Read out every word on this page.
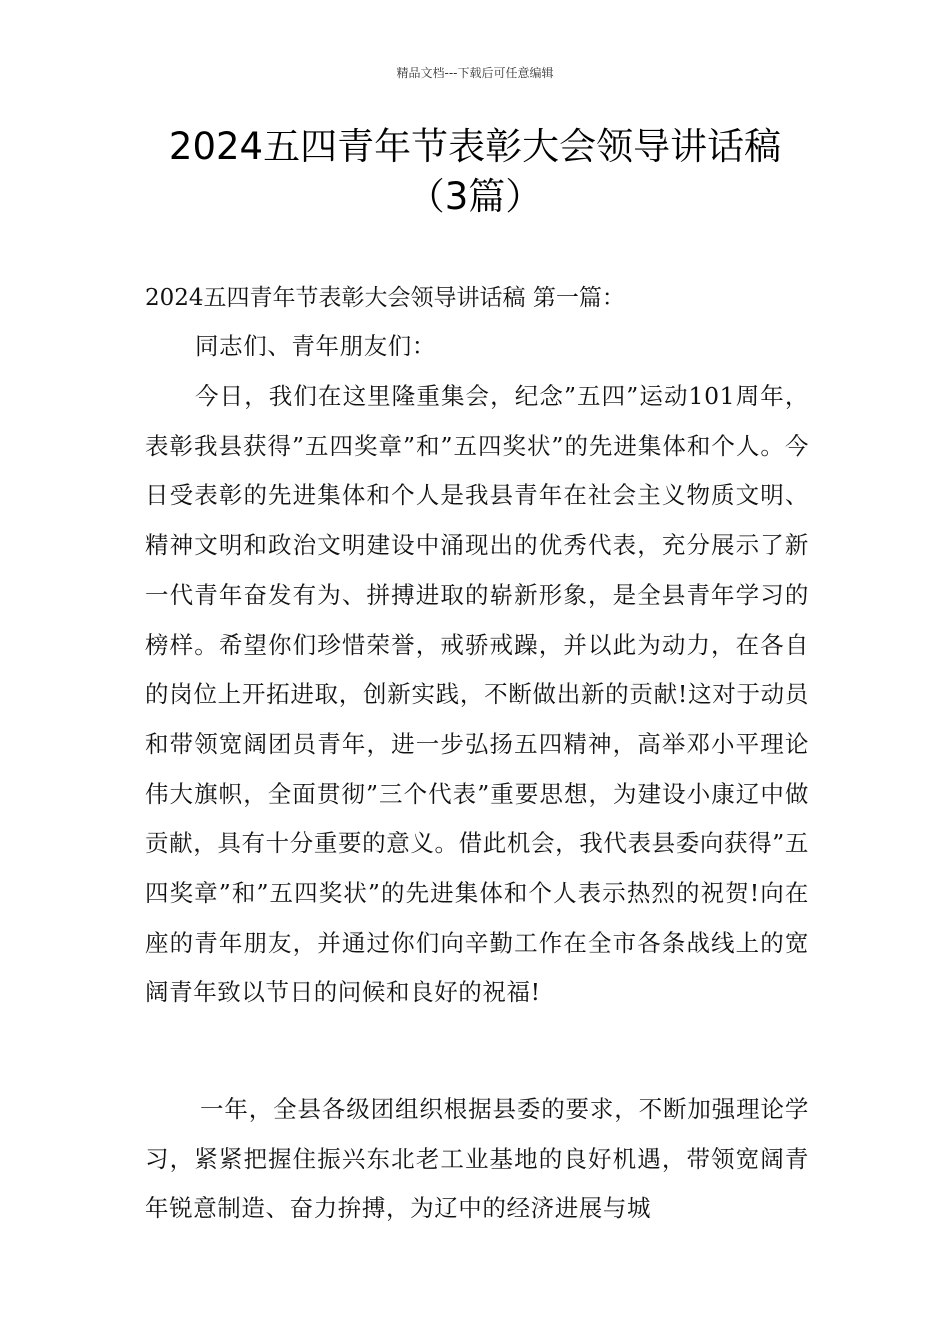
精品文档---下载后可任意编辑
2024五四青年节表彰大会领导讲话稿
（3篇）
2024五四青年节表彰大会领导讲话稿 第一篇：
同志们、青年朋友们：
今日，我们在这里隆重集会，纪念”五四”运动101周年，表彰我县获得”五四奖章”和”五四奖状”的先进集体和个人。今日受表彰的先进集体和个人是我县青年在社会主义物质文明、精神文明和政治文明建设中涌现出的优秀代表，充分展示了新一代青年奋发有为、拼搏进取的崭新形象，是全县青年学习的榜样。希望你们珍惜荣誉，戒骄戒躁，并以此为动力，在各自的岗位上开拓进取，创新实践，不断做出新的贡献!这对于动员和带领宽阔团员青年，进一步弘扬五四精神，高举邓小平理论伟大旗帜，全面贯彻”三个代表”重要思想，为建设小康辽中做贡献，具有十分重要的意义。借此机会，我代表县委向获得”五四奖章”和”五四奖状”的先进集体和个人表示热烈的祝贺!向在座的青年朋友，并通过你们向辛勤工作在全市各条战线上的宽阔青年致以节日的问候和良好的祝福!
一年，全县各级团组织根据县委的要求，不断加强理论学习，紧紧把握住振兴东北老工业基地的良好机遇，带领宽阔青年锐意制造、奋力拚搏，为辽中的经济进展与城
